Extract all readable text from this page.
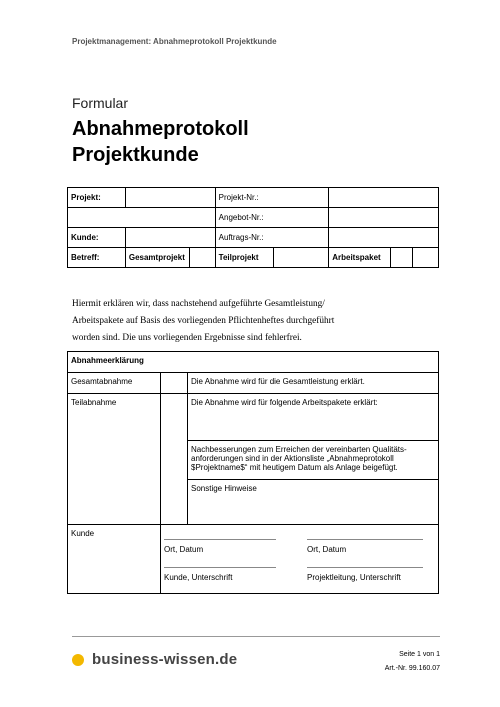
Projektmanagement: Abnahmeprotokoll Projektkunde
Formular
Abnahmeprotokoll
Projektkunde
Projekt:			Projekt-Nr.:				
			Angebot-Nr.:				
Kunde:			Auftrags-Nr.:				
Betreff:	Gesamtprojekt		Teilprojekt		Arbeitspaket		
Hiermit erklären wir, dass nachstehend aufgeführte Gesamtleistung/
Arbeitspakete auf Basis des vorliegenden Pflichtenheftes durchgeführt
worden sind. Die uns vorliegenden Ergebnisse sind fehlerfrei.
Abnahmeerklärung		
Gesamtabnahme		Die Abnahme wird für die Gesamtleistung erklärt.
Teilabnahme		Die Abnahme wird für folgende Arbeitspakete erklärt:

		Nachbesserungen zum Erreichen der vereinbarten Qualitäts-
anforderungen sind in der Aktionsliste „Abnahmeprotokoll
$Projektname$“ mit heutigem Datum als Anlage beigefügt.

		Sonstige Hinweise
Kunde	Ort, Datum Ort, Datum
Kunde, Unterschrift Projektleitung, Unterschrift	
business-wissen.de	Seite 1 von 1
Art.-Nr. 99.160.07
